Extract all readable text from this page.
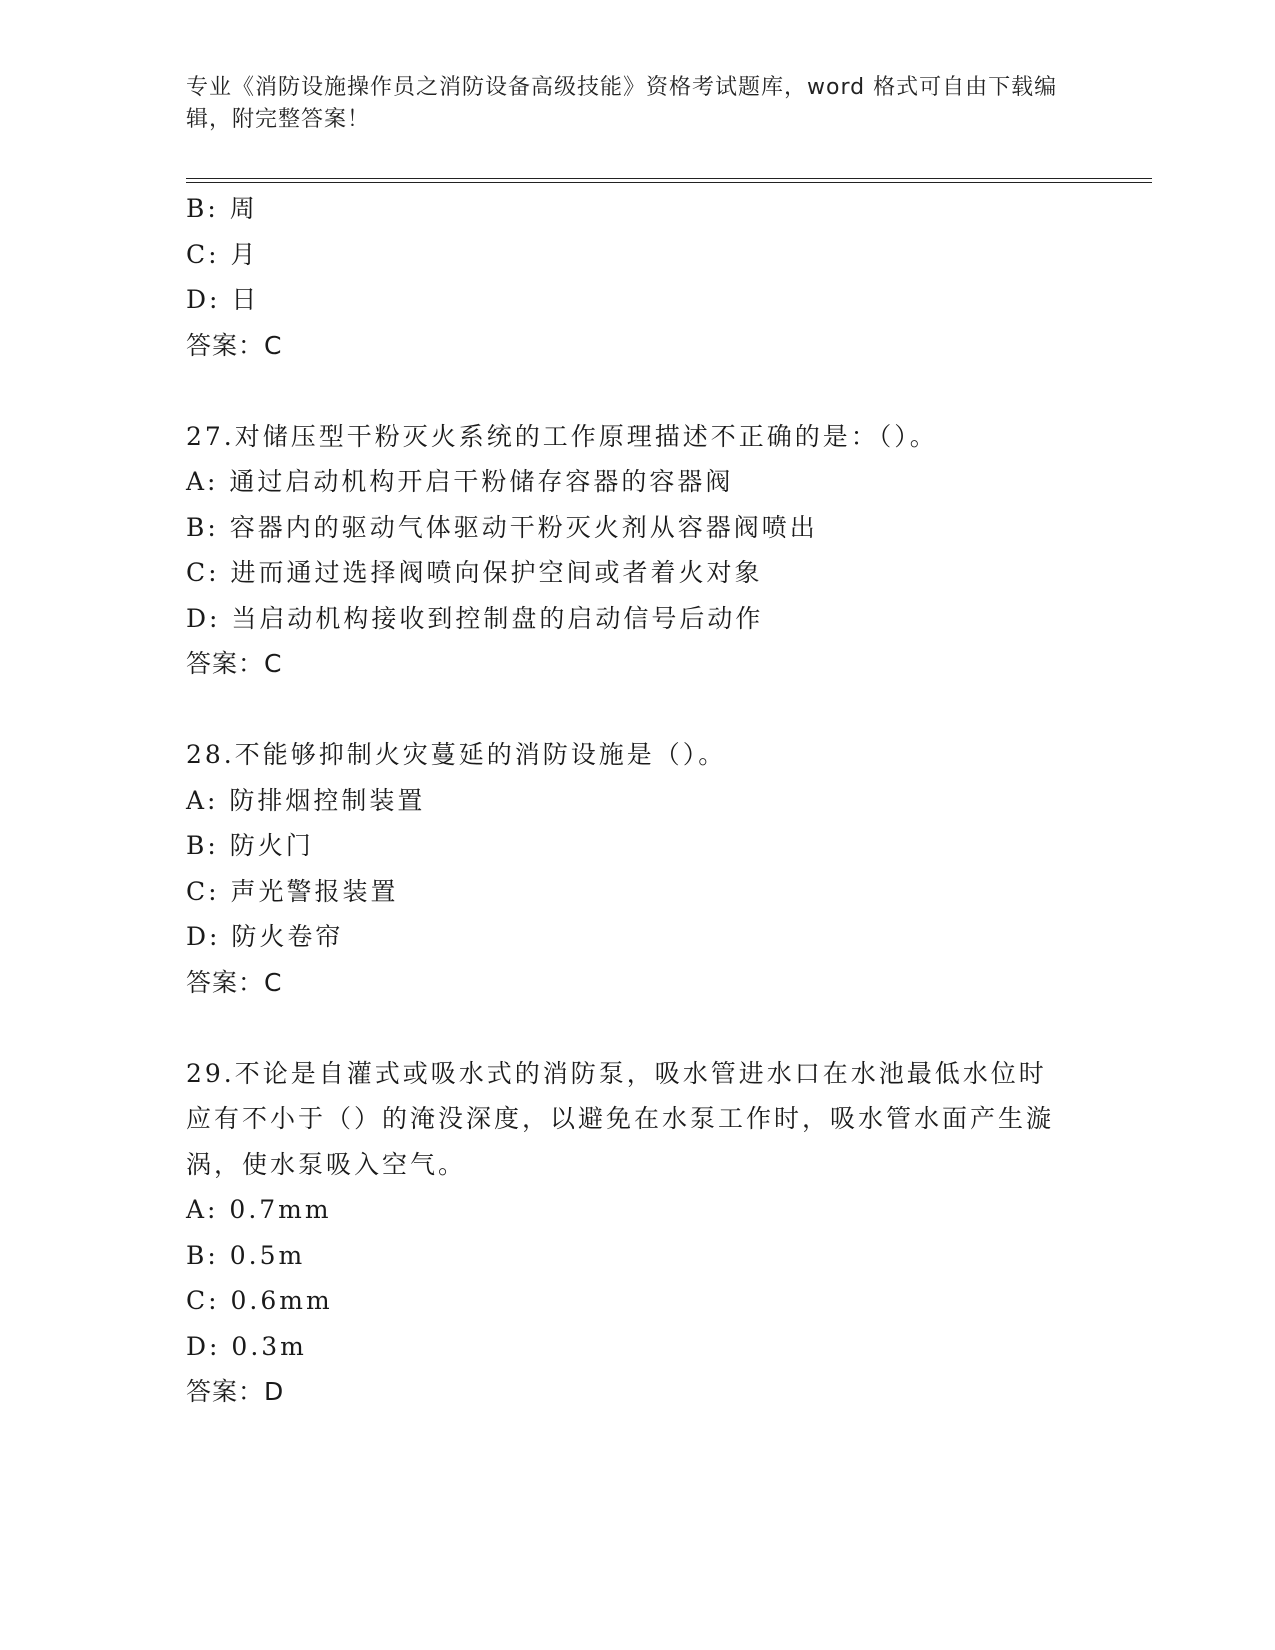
专业《消防设施操作员之消防设备高级技能》资格考试题库，word 格式可自由下载编辑，附完整答案！
B: 周
C: 月
D: 日
答案：C
27.对储压型干粉灭火系统的工作原理描述不正确的是：（）。
A: 通过启动机构开启干粉储存容器的容器阀
B: 容器内的驱动气体驱动干粉灭火剂从容器阀喷出
C: 进而通过选择阀喷向保护空间或者着火对象
D: 当启动机构接收到控制盘的启动信号后动作
答案：C
28.不能够抑制火灾蔓延的消防设施是（）。
A: 防排烟控制装置
B: 防火门
C: 声光警报装置
D: 防火卷帘
答案：C
29.不论是自灌式或吸水式的消防泵，吸水管进水口在水池最低水位时应有不小于（）的淹没深度，以避免在水泵工作时，吸水管水面产生漩涡，使水泵吸入空气。
A: 0.7mm
B: 0.5m
C: 0.6mm
D: 0.3m
答案：D
